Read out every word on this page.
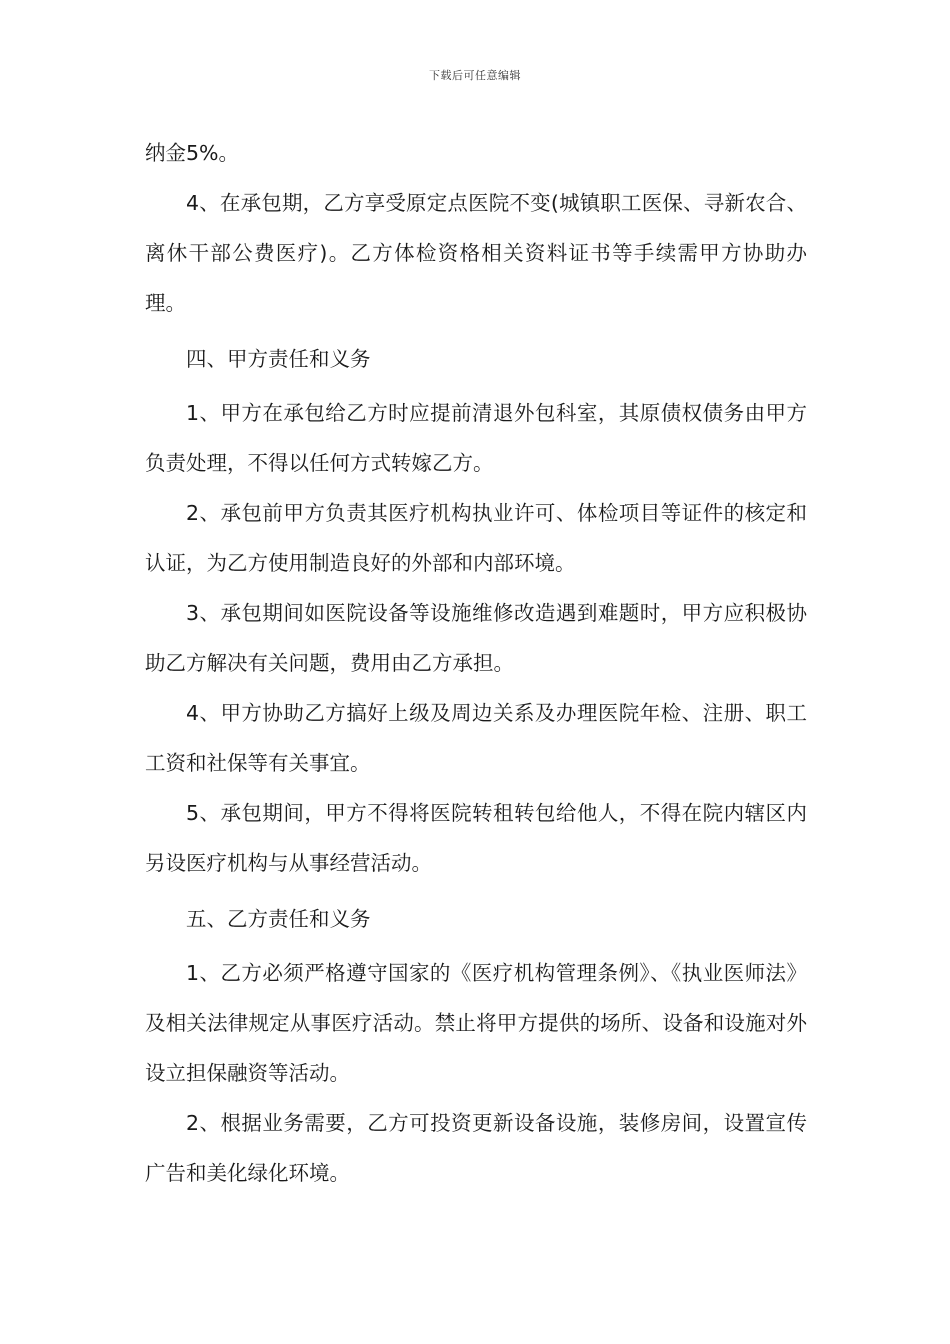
下载后可任意编辑

纳金5%。

4、在承包期，乙方享受原定点医院不变(城镇职工医保、寻新农合、离休干部公费医疗)。乙方体检资格相关资料证书等手续需甲方协助办理。

四、甲方责任和义务

1、甲方在承包给乙方时应提前清退外包科室，其原债权债务由甲方负责处理，不得以任何方式转嫁乙方。

2、承包前甲方负责其医疗机构执业许可、体检项目等证件的核定和认证，为乙方使用制造良好的外部和内部环境。

3、承包期间如医院设备等设施维修改造遇到难题时，甲方应积极协助乙方解决有关问题，费用由乙方承担。

4、甲方协助乙方搞好上级及周边关系及办理医院年检、注册、职工工资和社保等有关事宜。

5、承包期间，甲方不得将医院转租转包给他人，不得在院内辖区内另设医疗机构与从事经营活动。

五、乙方责任和义务

1、乙方必须严格遵守国家的《医疗机构管理条例》、《执业医师法》及相关法律规定从事医疗活动。禁止将甲方提供的场所、设备和设施对外设立担保融资等活动。

2、根据业务需要，乙方可投资更新设备设施，装修房间，设置宣传广告和美化绿化环境。
